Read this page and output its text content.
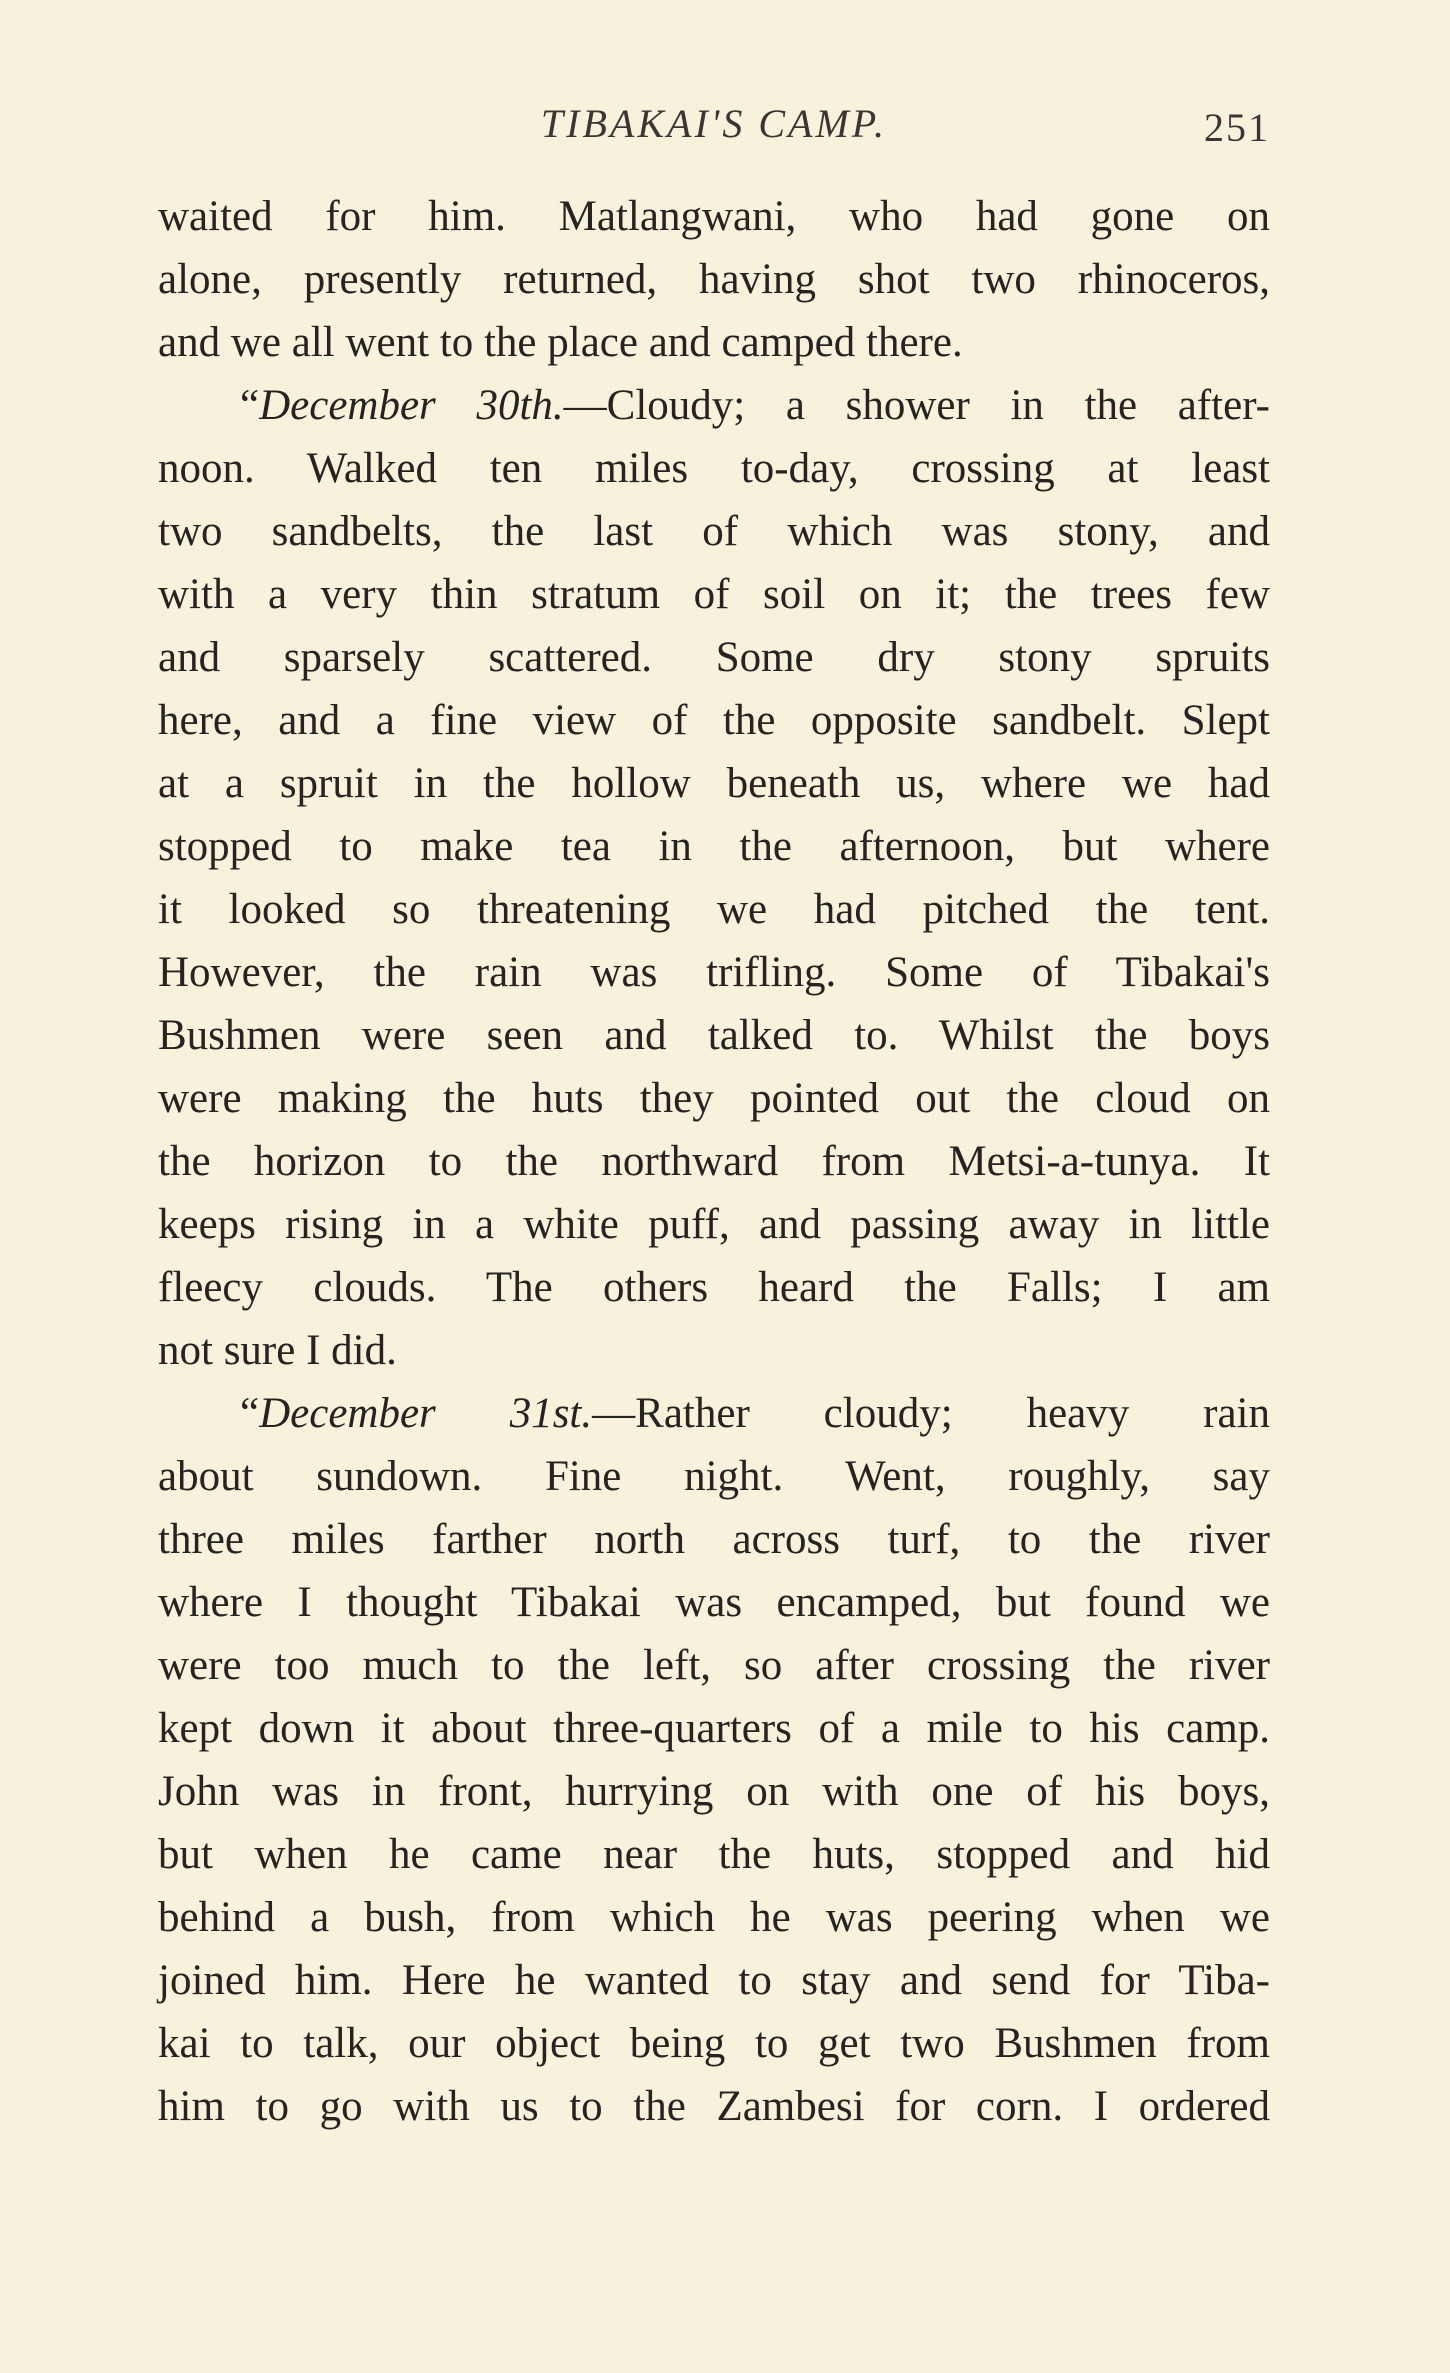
TIBAKAI'S CAMP.	251
waited for him. Matlangwani, who had gone on
alone, presently returned, having shot two rhinoceros,
and we all went to the place and camped there.
“December 30th.—Cloudy; a shower in the after-
noon. Walked ten miles to-day, crossing at least
two sandbelts, the last of which was stony, and
with a very thin stratum of soil on it; the trees few
and sparsely scattered. Some dry stony spruits
here, and a fine view of the opposite sandbelt. Slept
at a spruit in the hollow beneath us, where we had
stopped to make tea in the afternoon, but where
it looked so threatening we had pitched the tent.
However, the rain was trifling. Some of Tibakai's
Bushmen were seen and talked to. Whilst the boys
were making the huts they pointed out the cloud on
the horizon to the northward from Metsi-a-tunya. It
keeps rising in a white puff, and passing away in little
fleecy clouds. The others heard the Falls; I am
not sure I did.
“December 31st.—Rather cloudy; heavy rain
about sundown. Fine night. Went, roughly, say
three miles farther north across turf, to the river
where I thought Tibakai was encamped, but found we
were too much to the left, so after crossing the river
kept down it about three-quarters of a mile to his camp.
John was in front, hurrying on with one of his boys,
but when he came near the huts, stopped and hid
behind a bush, from which he was peering when we
joined him. Here he wanted to stay and send for Tiba-
kai to talk, our object being to get two Bushmen from
him to go with us to the Zambesi for corn. I ordered
